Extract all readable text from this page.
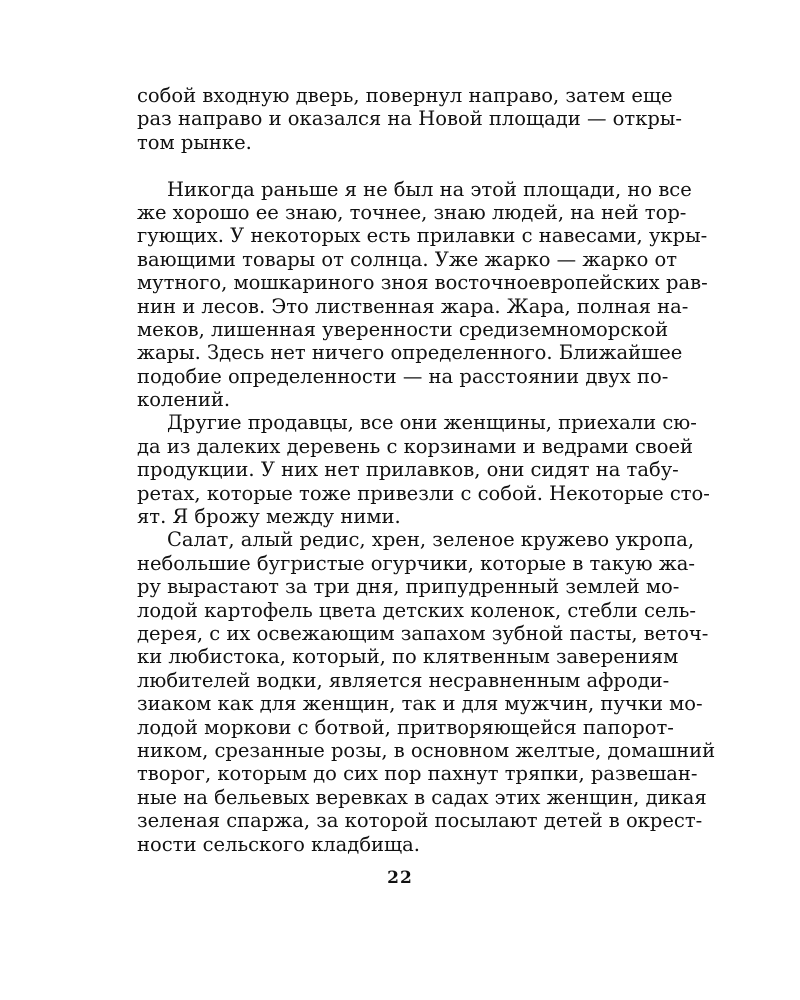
собой входную дверь, повернул направо, затем еще
раз направо и оказался на Новой площади — откры-
том рынке.
Никогда раньше я не был на этой площади, но все
же хорошо ее знаю, точнее, знаю людей, на ней тор-
гующих. У некоторых есть прилавки с навесами, укры-
вающими товары от солнца. Уже жарко — жарко от
мутного, мошкариного зноя восточноевропейских рав-
нин и лесов. Это лиственная жара. Жара, полная на-
меков, лишенная уверенности средиземноморской
жары. Здесь нет ничего определенного. Ближайшее
подобие определенности — на расстоянии двух по-
колений.
Другие продавцы, все они женщины, приехали сю-
да из далеких деревень с корзинами и ведрами своей
продукции. У них нет прилавков, они сидят на табу-
ретах, которые тоже привезли с собой. Некоторые сто-
ят. Я брожу между ними.
Салат, алый редис, хрен, зеленое кружево укропа,
небольшие бугристые огурчики, которые в такую жа-
ру вырастают за три дня, припудренный землей мо-
лодой картофель цвета детских коленок, стебли сель-
дерея, с их освежающим запахом зубной пасты, веточ-
ки любистока, который, по клятвенным заверениям
любителей водки, является несравненным афроди-
зиаком как для женщин, так и для мужчин, пучки мо-
лодой моркови с ботвой, притворяющейся папорот-
ником, срезанные розы, в основном желтые, домашний
творог, которым до сих пор пахнут тряпки, развешан-
ные на бельевых веревках в садах этих женщин, дикая
зеленая спаржа, за которой посылают детей в окрест-
ности сельского кладбища.
22
